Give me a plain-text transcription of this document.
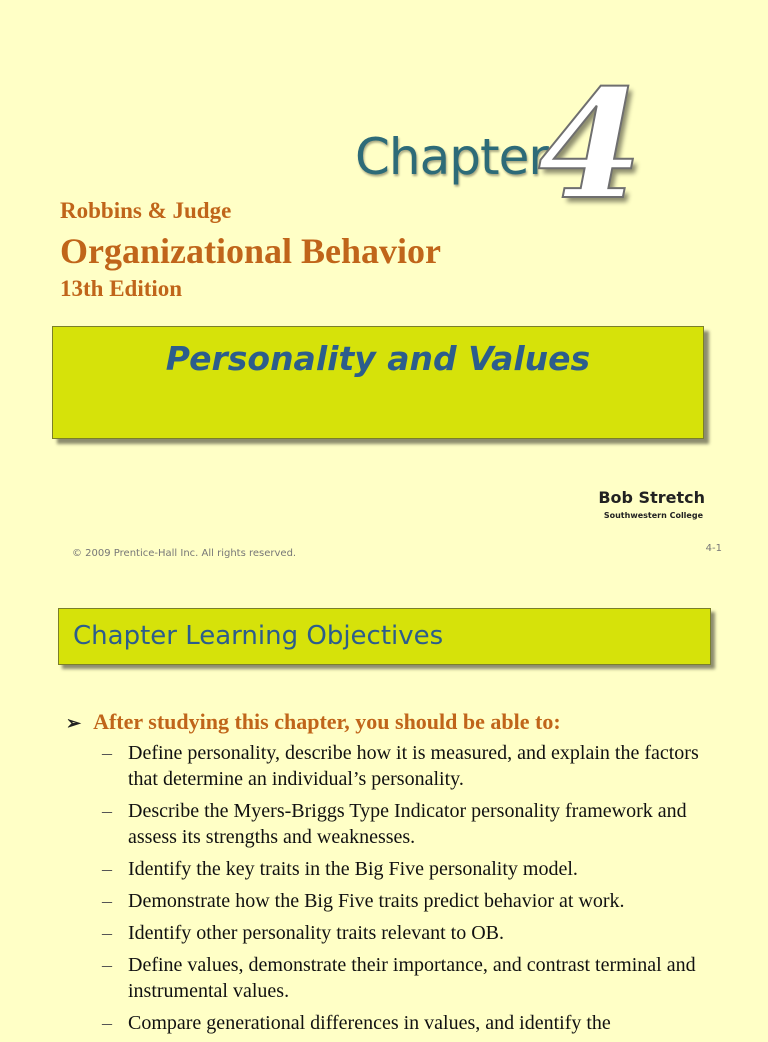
Chapter
4
Robbins & Judge
Organizational Behavior
13th Edition
Personality and Values
Bob Stretch
Southwestern College
© 2009 Prentice-Hall Inc. All rights reserved.	4-1
Chapter Learning Objectives
➢ After studying this chapter, you should be able to:
– Define personality, describe how it is measured, and explain the factors that determine an individual’s personality.
– Describe the Myers-Briggs Type Indicator personality framework and assess its strengths and weaknesses.
– Identify the key traits in the Big Five personality model.
– Demonstrate how the Big Five traits predict behavior at work.
– Identify other personality traits relevant to OB.
– Define values, demonstrate their importance, and contrast terminal and instrumental values.
– Compare generational differences in values, and identify the
